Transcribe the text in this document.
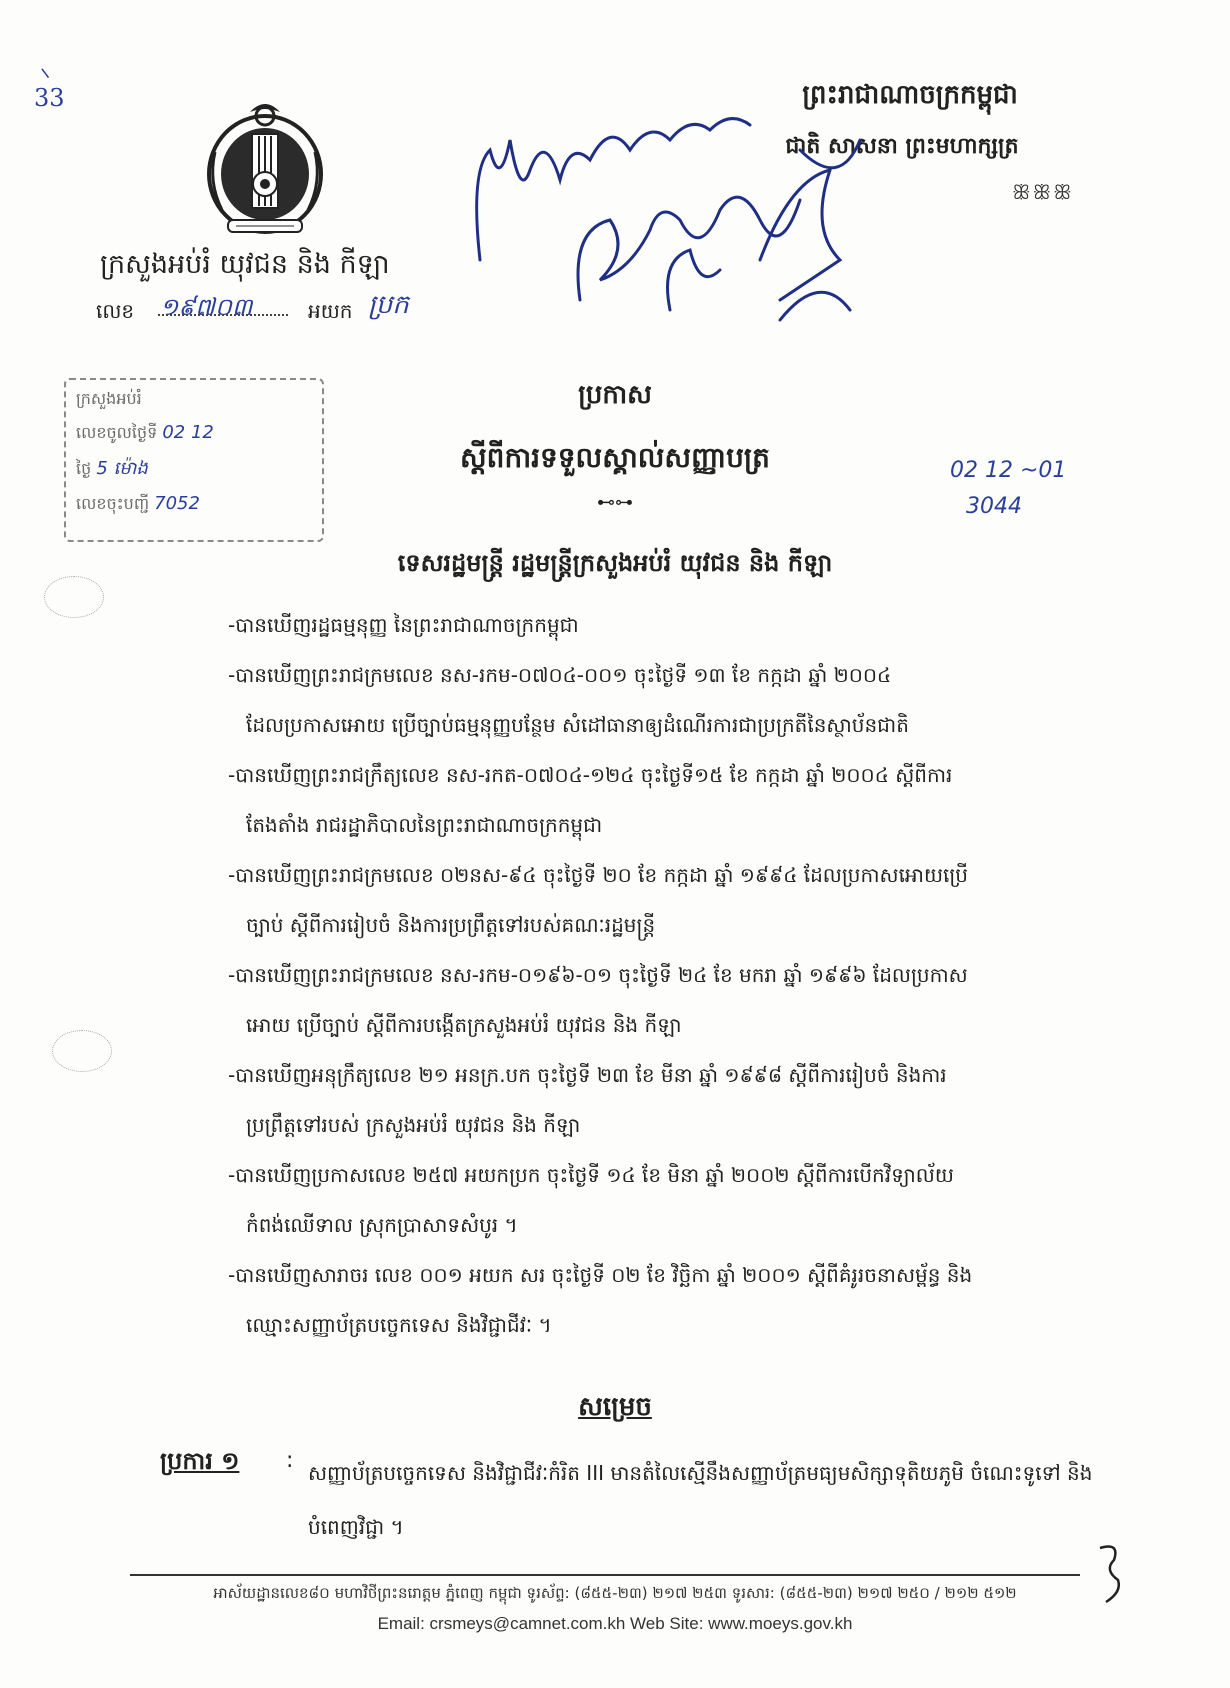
⸜
33	ព្រះរាជាណាចក្រកម្ពុជា
ជាតិ សាសនា ព្រះមហាក្សត្រ
ꕥꕥꕥ
ក្រសួងអប់រំ យុវជន និង កីឡា
លេខ ១៩៧០៣	អយក ប្រក
ក្រសួងអប់រំ
លេខចូលថ្ងៃទី 02 12
ថ្ងៃ 5 ម៉ោង
លេខចុះបញ្ជី 7052
02 12 ~01
3044
ប្រកាស
ស្តីពីការទទួលស្គាល់សញ្ញាបត្រ
⊷⊶
ទេសរដ្ឋមន្ត្រី រដ្ឋមន្ត្រីក្រសួងអប់រំ យុវជន និង កីឡា

-បានឃើញរដ្ឋធម្មនុញ្ញ នៃព្រះរាជាណាចក្រកម្ពុជា

-បានឃើញព្រះរាជក្រមលេខ នស-រកម-០៧០៤-០០១ ចុះថ្ងៃទី ១៣ ខែ កក្កដា ឆ្នាំ ២០០៤
ដែលប្រកាសអោយ ប្រើច្បាប់ធម្មនុញ្ញបន្ថែម សំដៅធានាឲ្យដំណើរការជាប្រក្រតីនៃស្ថាប័នជាតិ

-បានឃើញព្រះរាជក្រឹត្យលេខ នស-រកត-០៧០៤-១២៤ ចុះថ្ងៃទី១៥ ខែ កក្កដា ឆ្នាំ ២០០៤ ស្តីពីការ
តែងតាំង រាជរដ្ឋាភិបាលនៃព្រះរាជាណាចក្រកម្ពុជា

-បានឃើញព្រះរាជក្រមលេខ ០២នស-៩៤ ចុះថ្ងៃទី ២០ ខែ កក្កដា ឆ្នាំ ១៩៩៤ ដែលប្រកាសអោយប្រើ
ច្បាប់ ស្តីពីការរៀបចំ និងការប្រព្រឹត្តទៅរបស់គណៈរដ្ឋមន្ត្រី

-បានឃើញព្រះរាជក្រមលេខ នស-រកម-០១៩៦-០១ ចុះថ្ងៃទី ២៤ ខែ មករា ឆ្នាំ ១៩៩៦ ដែលប្រកាស
អោយ ប្រើច្បាប់ ស្តីពីការបង្កើតក្រសួងអប់រំ យុវជន និង កីឡា

-បានឃើញអនុក្រឹត្យលេខ ២១ អនក្រ.បក ចុះថ្ងៃទី ២៣ ខែ មីនា ឆ្នាំ ១៩៩៨ ស្តីពីការរៀបចំ និងការ
ប្រព្រឹត្តទៅរបស់ ក្រសួងអប់រំ យុវជន និង កីឡា

-បានឃើញប្រកាសលេខ ២៥៧ អយកប្រក ចុះថ្ងៃទី ១៤ ខែ មិនា ឆ្នាំ ២០០២ ស្តីពីការបើកវិទ្យាល័យ
កំពង់ឈើទាល ស្រុកប្រាសាទសំបូរ ។

-បានឃើញសារាចរ លេខ ០០១ អយក សរ ចុះថ្ងៃទី ០២ ខែ វិច្ឆិកា ឆ្នាំ ២០០១ ស្តីពីគំរូរចនាសម្ព័ន្ធ និង
ឈ្មោះសញ្ញាប័ត្របច្ចេកទេស និងវិជ្ជាជីវៈ ។

សម្រេច
ប្រការ ១ : សញ្ញាប័ត្របច្ចេកទេស និងវិជ្ជាជីវៈកំរិត III មានតំលៃស្មើនឹងសញ្ញាប័ត្រមធ្យមសិក្សាទុតិយភូមិ ចំណេះទូទៅ និងបំពេញវិជ្ជា ។
អាស័យដ្ឋានលេខ៨០ មហាវិថីព្រះនរោត្តម ភ្នំពេញ កម្ពុជា ទូរស័ព្ទ: (៨៥៥-២៣) ២១៧ ២៥៣ ទូរសារ: (៨៥៥-២៣) ២១៧ ២៥០ / ២១២ ៥១២
Email: crsmeys@camnet.com.kh Web Site: www.moeys.gov.kh
